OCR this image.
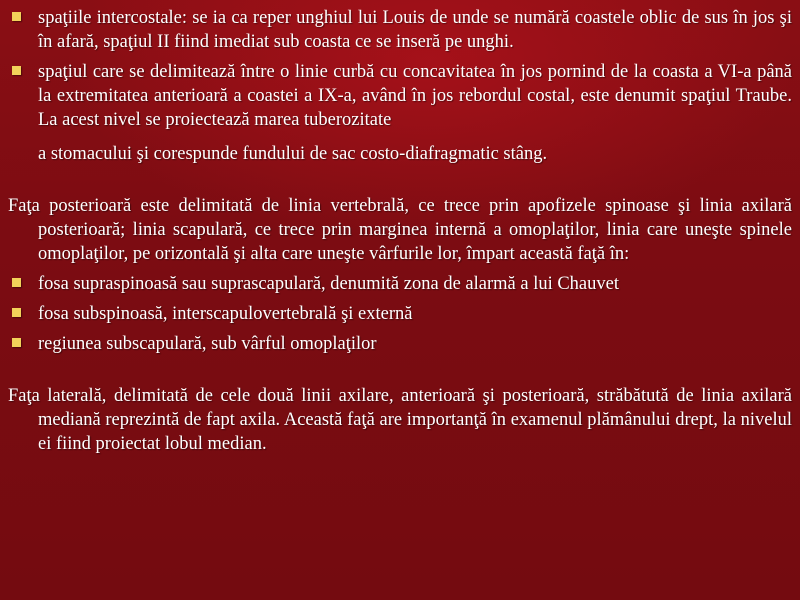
spaţiile intercostale: se ia ca reper unghiul lui Louis de unde se numără coastele oblic de sus în jos şi în afară, spaţiul II fiind imediat sub coasta ce se inseră pe unghi.
spaţiul care se delimitează între o linie curbă cu concavitatea în jos pornind de la coasta a VI-a până la extremitatea anterioară a coastei a IX-a, având în jos rebordul costal, este denumit spaţiul Traube. La acest nivel se proiectează marea tuberozitate
a stomacului şi corespunde fundului de sac costo-diafragmatic stâng.
Faţa posterioară este delimitată de linia vertebrală, ce trece prin apofizele spinoase şi linia axilară posterioară; linia scapulară, ce trece prin marginea internă a omoplaţilor, linia care uneşte spinele omoplaţilor, pe orizontală şi alta care uneşte vârfurile lor, împart această faţă în:
fosa supraspinoasă sau suprascapulară, denumită zona de alarmă a lui Chauvet
fosa subspinoasă, interscapulovertebrală şi externă
regiunea subscapulară, sub vârful omoplaţilor
Faţa laterală, delimitată de cele două linii axilare, anterioară şi posterioară, străbătută de linia axilară mediană reprezintă de fapt axila. Această faţă are importanţă în examenul plămânului drept, la nivelul ei fiind proiectat lobul median.
